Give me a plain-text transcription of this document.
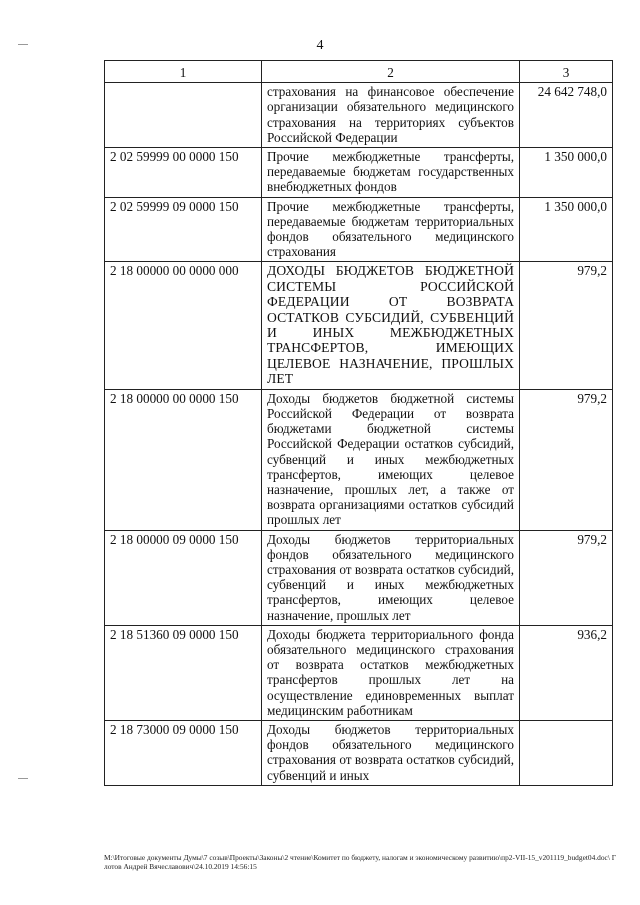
4
1	2	3
	страхования на финансовое обеспечение организации обязательного медицинского страхования на территориях субъектов Российской Федерации	24 642 748,0
2 02 59999 00 0000 150	Прочие межбюджетные трансферты, передаваемые бюджетам государственных внебюджетных фондов	1 350 000,0
2 02 59999 09 0000 150	Прочие межбюджетные трансферты, передаваемые бюджетам территориальных фондов обязательного медицинского страхования	1 350 000,0
2 18 00000 00 0000 000	ДОХОДЫ БЮДЖЕТОВ БЮДЖЕТНОЙ СИСТЕМЫ РОССИЙСКОЙ ФЕДЕРАЦИИ ОТ ВОЗВРАТА ОСТАТКОВ СУБСИДИЙ, СУБВЕНЦИЙ И ИНЫХ МЕЖБЮДЖЕТНЫХ ТРАНСФЕРТОВ, ИМЕЮЩИХ ЦЕЛЕВОЕ НАЗНАЧЕНИЕ, ПРОШЛЫХ ЛЕТ	979,2
2 18 00000 00 0000 150	Доходы бюджетов бюджетной системы Российской Федерации от возврата бюджетами бюджетной системы Российской Федерации остатков субсидий, субвенций и иных межбюджетных трансфертов, имеющих целевое назначение, прошлых лет, а также от возврата организациями остатков субсидий прошлых лет	979,2
2 18 00000 09 0000 150	Доходы бюджетов территориальных фондов обязательного медицинского страхования от возврата остатков субсидий, субвенций и иных межбюджетных трансфертов, имеющих целевое назначение, прошлых лет	979,2
2 18 51360 09 0000 150	Доходы бюджета территориального фонда обязательного медицинского страхования от возврата остатков межбюджетных трансфертов прошлых лет на осуществление единовременных выплат медицинским работникам	936,2
2 18 73000 09 0000 150	Доходы бюджетов территориальных фондов обязательного медицинского страхования от возврата остатков субсидий, субвенций и иных	
M:\Итоговые документы Думы\7 созыв\Проекты\Законы\2 чтение\Комитет по бюджету, налогам и экономическому развитию\пр2-VII-15_v201119_budget04.doc\ Глотов Андрей Вячеславович\24.10.2019 14:56:15
